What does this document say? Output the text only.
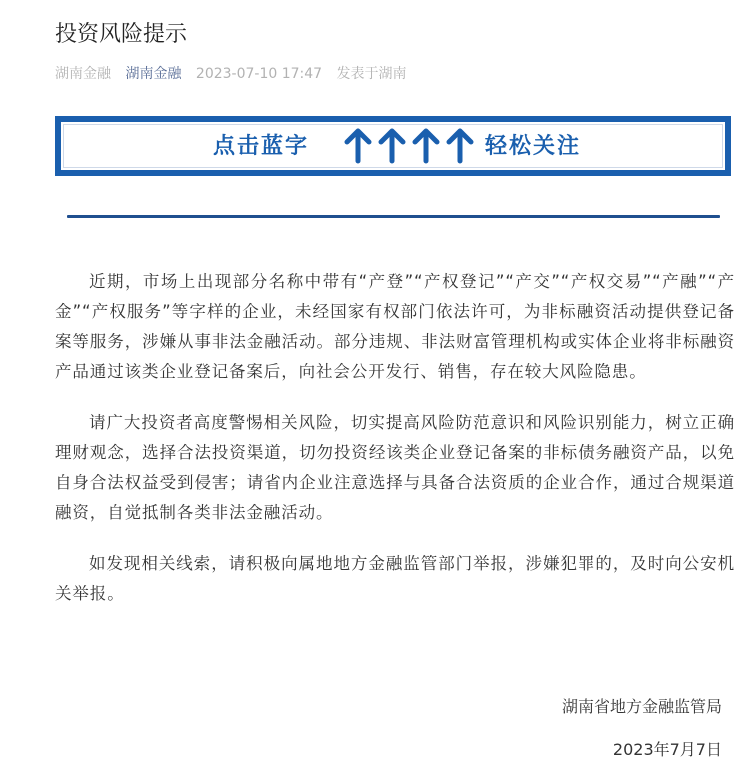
投资风险提示
湖南金融 湖南金融 2023-07-10 17:47 发表于湖南
点击蓝字	轻松关注

近期，市场上出现部分名称中带有“产登”“产权登记”“产交”“产权交易”“产融”“产金”“产权服务”等字样的企业，未经国家有权部门依法许可，为非标融资活动提供登记备案等服务，涉嫌从事非法金融活动。部分违规、非法财富管理机构或实体企业将非标融资产品通过该类企业登记备案后，向社会公开发行、销售，存在较大风险隐患。

请广大投资者高度警惕相关风险，切实提高风险防范意识和风险识别能力，树立正确理财观念，选择合法投资渠道，切勿投资经该类企业登记备案的非标债务融资产品，以免自身合法权益受到侵害；请省内企业注意选择与具备合法资质的企业合作，通过合规渠道融资，自觉抵制各类非法金融活动。

如发现相关线索，请积极向属地地方金融监管部门举报，涉嫌犯罪的，及时向公安机关举报。

湖南省地方金融监管局
2023年7月7日
